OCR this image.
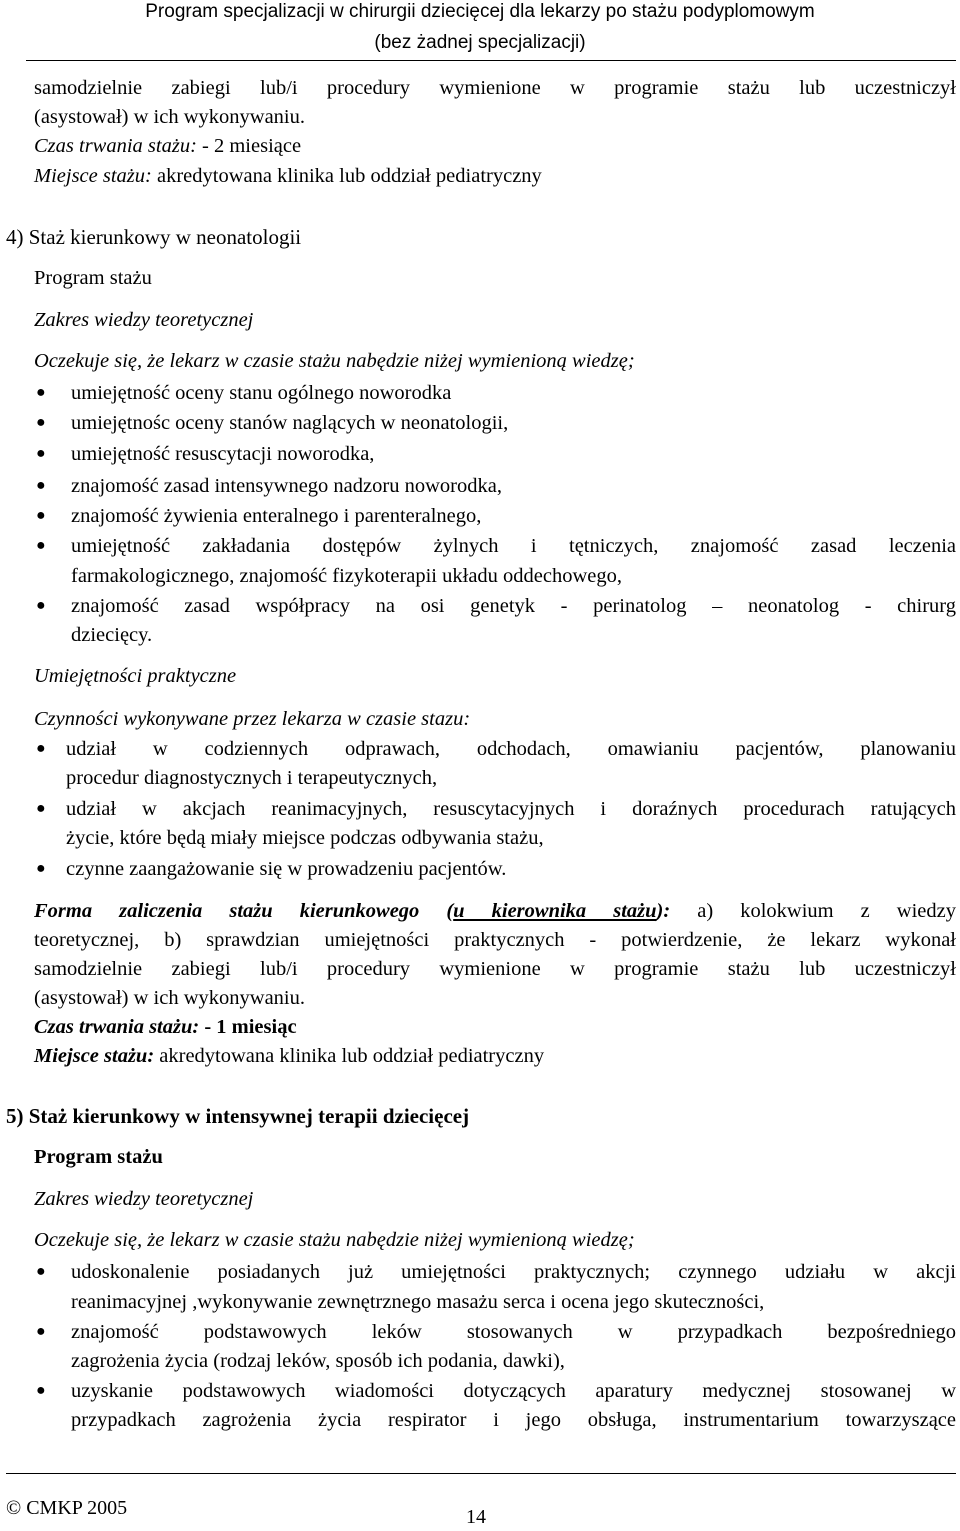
Program specjalizacji w chirurgii dziecięcej dla lekarzy po stażu podyplomowym
(bez żadnej specjalizacji)
samodzielnie zabiegi lub/i procedury wymienione w programie stażu lub uczestniczył
(asystował) w ich wykonywaniu.
Czas trwania stażu: - 2 miesiące
Miejsce stażu: akredytowana klinika lub oddział pediatryczny
4) Staż kierunkowy w neonatologii
Program stażu
Zakres wiedzy teoretycznej
Oczekuje się, że lekarz w czasie stażu nabędzie niżej wymienioną wiedzę;
● umiejętność oceny stanu ogólnego noworodka
● umiejętnośc oceny stanów naglących w neonatologii,
● umiejętność resuscytacji noworodka,
● znajomość zasad intensywnego nadzoru noworodka,
● znajomość żywienia enteralnego i parenteralnego,
● umiejętność zakładania dostępów żylnych i tętniczych, znajomość zasad leczenia
farmakologicznego, znajomość fizykoterapii układu oddechowego,
● znajomość zasad współpracy na osi genetyk - perinatolog – neonatolog - chirurg
dziecięcy.
Umiejętności praktyczne
Czynności wykonywane przez lekarza w czasie stazu:
● udział w codziennych odprawach, odchodach, omawianiu pacjentów, planowaniu
procedur diagnostycznych i terapeutycznych,
● udział w akcjach reanimacyjnych, resuscytacyjnych i doraźnych procedurach ratujących
życie, które będą miały miejsce podczas odbywania stażu,
● czynne zaangażowanie się w prowadzeniu pacjentów.
Forma zaliczenia stażu kierunkowego (u kierownika stażu): a) kolokwium z wiedzy
teoretycznej, b) sprawdzian umiejętności praktycznych - potwierdzenie, że lekarz wykonał
samodzielnie zabiegi lub/i procedury wymienione w programie stażu lub uczestniczył
(asystował) w ich wykonywaniu.
Czas trwania stażu: - 1 miesiąc
Miejsce stażu: akredytowana klinika lub oddział pediatryczny
5) Staż kierunkowy w intensywnej terapii dziecięcej
Program stażu
Zakres wiedzy teoretycznej
Oczekuje się, że lekarz w czasie stażu nabędzie niżej wymienioną wiedzę;
● udoskonalenie posiadanych już umiejętności praktycznych; czynnego udziału w akcji
reanimacyjnej ,wykonywanie zewnętrznego masażu serca i ocena jego skuteczności,
● znajomość podstawowych leków stosowanych w przypadkach bezpośredniego
zagrożenia życia (rodzaj leków, sposób ich podania, dawki),
● uzyskanie podstawowych wiadomości dotyczących aparatury medycznej stosowanej w
przypadkach zagrożenia życia respirator i jego obsługa, instrumentarium towarzyszące
© CMKP 2005	14
